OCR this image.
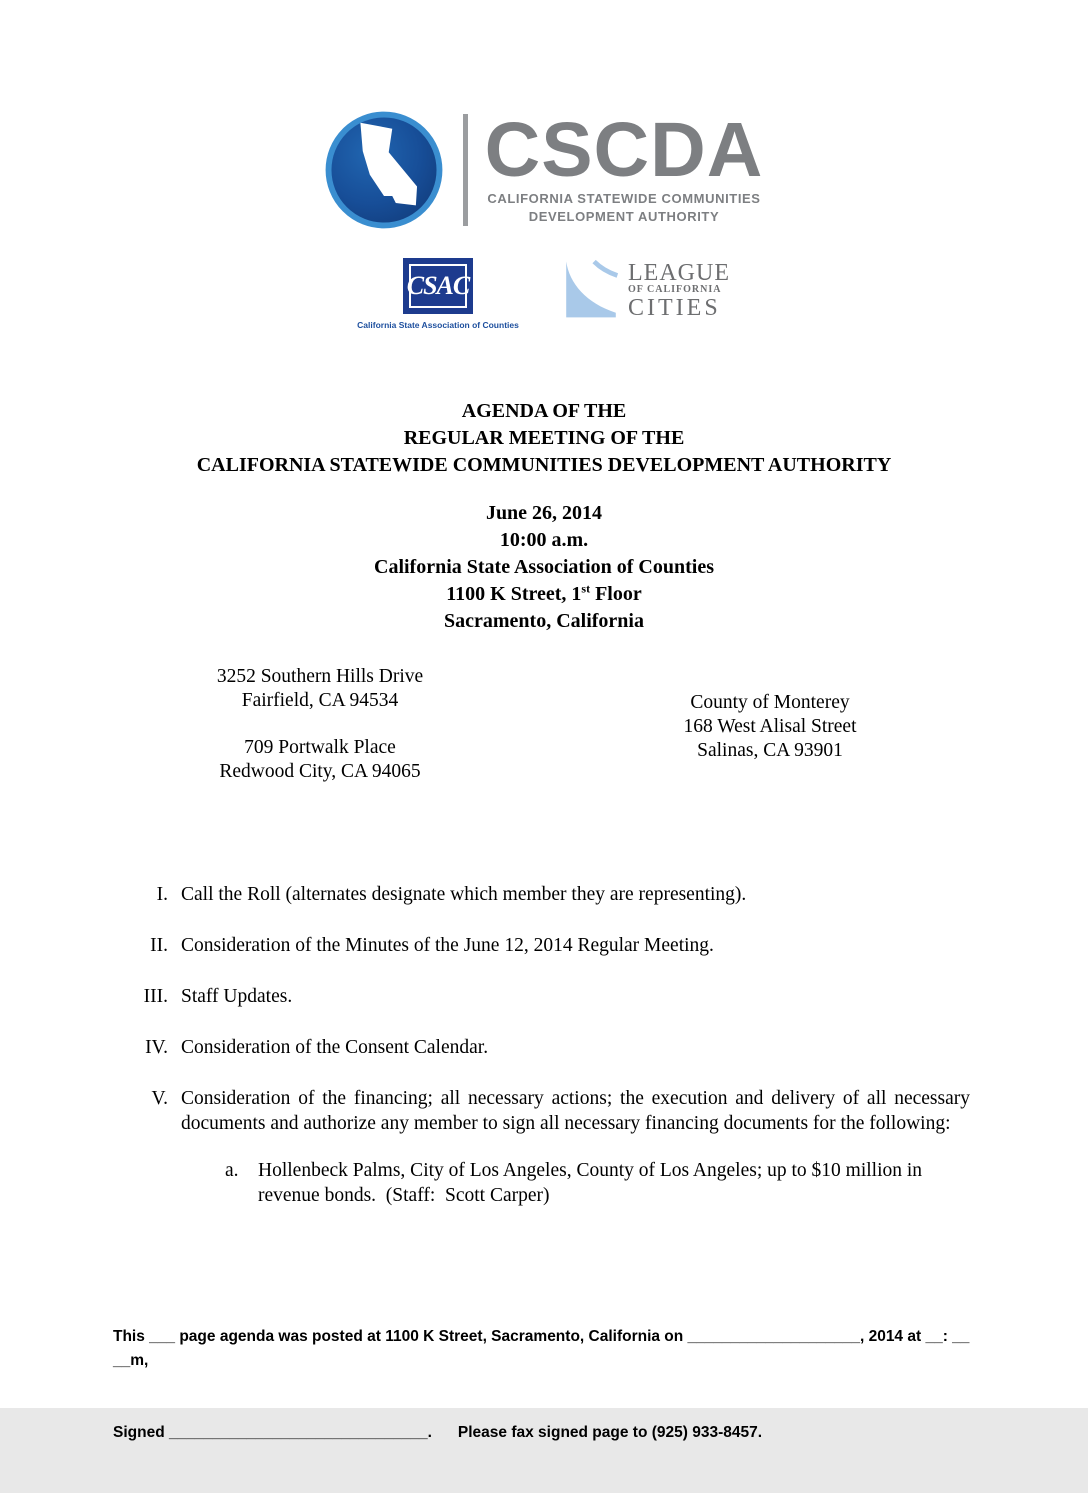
CSCDA
CALIFORNIA STATEWIDE COMMUNITIES
DEVELOPMENT AUTHORITY
CSAC
California State Association of Counties
LEAGUE
OF CALIFORNIA
CITIES
AGENDA OF THE
REGULAR MEETING OF THE
CALIFORNIA STATEWIDE COMMUNITIES DEVELOPMENT AUTHORITY
June 26, 2014
10:00 a.m.
California State Association of Counties
1100 K Street, 1st Floor
Sacramento, California
3252 Southern Hills Drive
Fairfield, CA 94534
709 Portwalk Place
Redwood City, CA 94065
County of Monterey
168 West Alisal Street
Salinas, CA 93901
I. Call the Roll (alternates designate which member they are representing).
II. Consideration of the Minutes of the June 12, 2014 Regular Meeting.
III. Staff Updates.
IV. Consideration of the Consent Calendar.
V. Consideration of the financing; all necessary actions; the execution and delivery of all necessary documents and authorize any member to sign all necessary financing documents for the following:
a. Hollenbeck Palms, City of Los Angeles, County of Los Angeles; up to $10 million in revenue bonds.  (Staff:  Scott Carper)

This ___ page agenda was posted at 1100 K Street, Sacramento, California on ____________________, 2014 at __: __ __m,

Signed ______________________________. Please fax signed page to (925) 933-8457.
